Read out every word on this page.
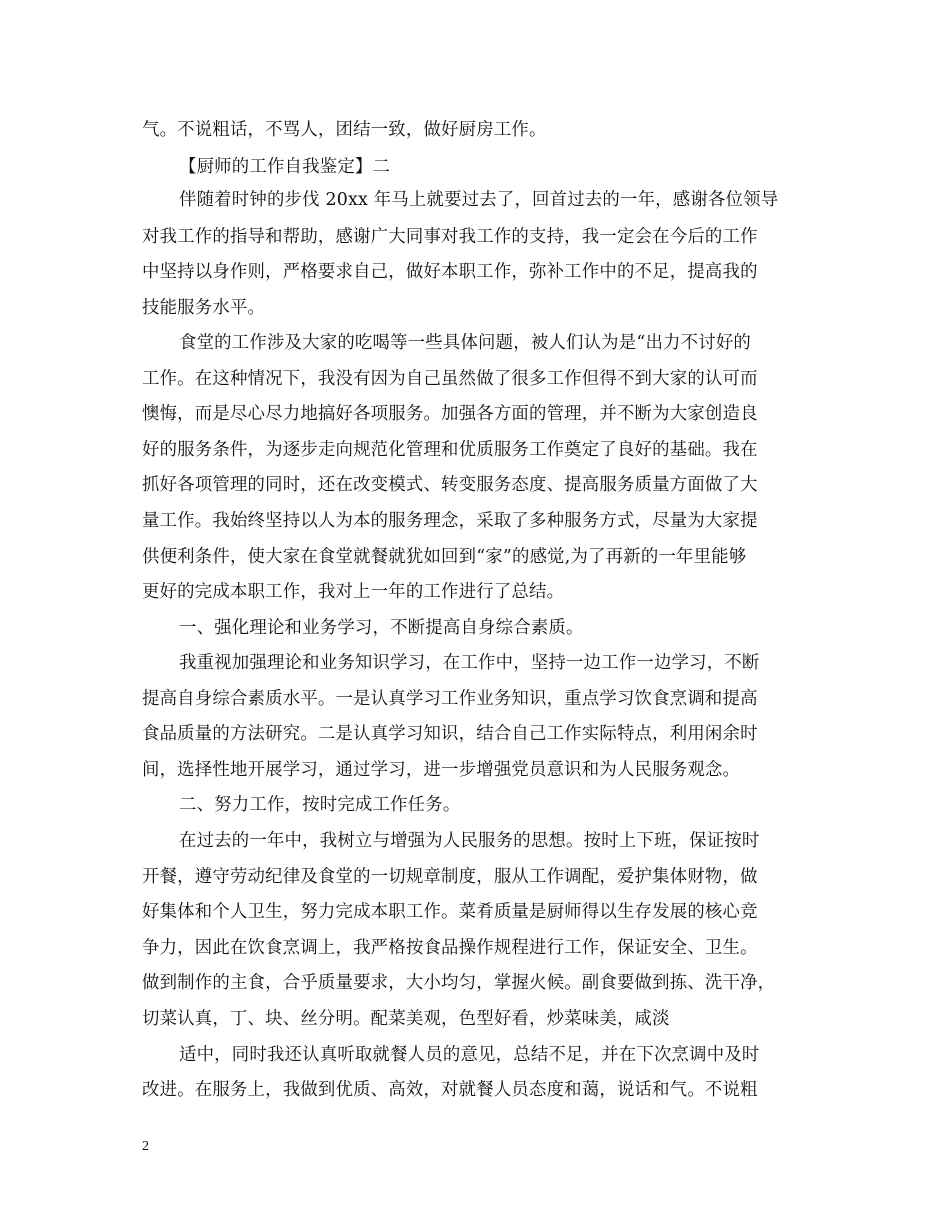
气。不说粗话，不骂人，团结一致，做好厨房工作。
【厨师的工作自我鉴定】二
伴随着时钟的步伐 20xx 年马上就要过去了，回首过去的一年，感谢各位领导
对我工作的指导和帮助，感谢广大同事对我工作的支持，我一定会在今后的工作
中坚持以身作则，严格要求自己，做好本职工作，弥补工作中的不足，提高我的
技能服务水平。
食堂的工作涉及大家的吃喝等一些具体问题，被人们认为是“出力不讨好的
工作。在这种情况下，我没有因为自己虽然做了很多工作但得不到大家的认可而
懊悔，而是尽心尽力地搞好各项服务。加强各方面的管理，并不断为大家创造良
好的服务条件，为逐步走向规范化管理和优质服务工作奠定了良好的基础。我在
抓好各项管理的同时，还在改变模式、转变服务态度、提高服务质量方面做了大
量工作。我始终坚持以人为本的服务理念，采取了多种服务方式，尽量为大家提
供便利条件，使大家在食堂就餐就犹如回到“家”的感觉,为了再新的一年里能够
更好的完成本职工作，我对上一年的工作进行了总结。
一、强化理论和业务学习，不断提高自身综合素质。
我重视加强理论和业务知识学习，在工作中，坚持一边工作一边学习，不断
提高自身综合素质水平。一是认真学习工作业务知识，重点学习饮食烹调和提高
食品质量的方法研究。二是认真学习知识，结合自己工作实际特点，利用闲余时
间，选择性地开展学习，通过学习，进一步增强党员意识和为人民服务观念。
二、努力工作，按时完成工作任务。
在过去的一年中，我树立与增强为人民服务的思想。按时上下班，保证按时
开餐，遵守劳动纪律及食堂的一切规章制度，服从工作调配，爱护集体财物，做
好集体和个人卫生，努力完成本职工作。菜肴质量是厨师得以生存发展的核心竞
争力，因此在饮食烹调上，我严格按食品操作规程进行工作，保证安全、卫生。
做到制作的主食，合乎质量要求，大小均匀，掌握火候。副食要做到拣、洗干净，
切菜认真，丁、块、丝分明。配菜美观，色型好看，炒菜味美，咸淡
适中，同时我还认真听取就餐人员的意见，总结不足，并在下次烹调中及时
改进。在服务上，我做到优质、高效，对就餐人员态度和蔼，说话和气。不说粗
2
